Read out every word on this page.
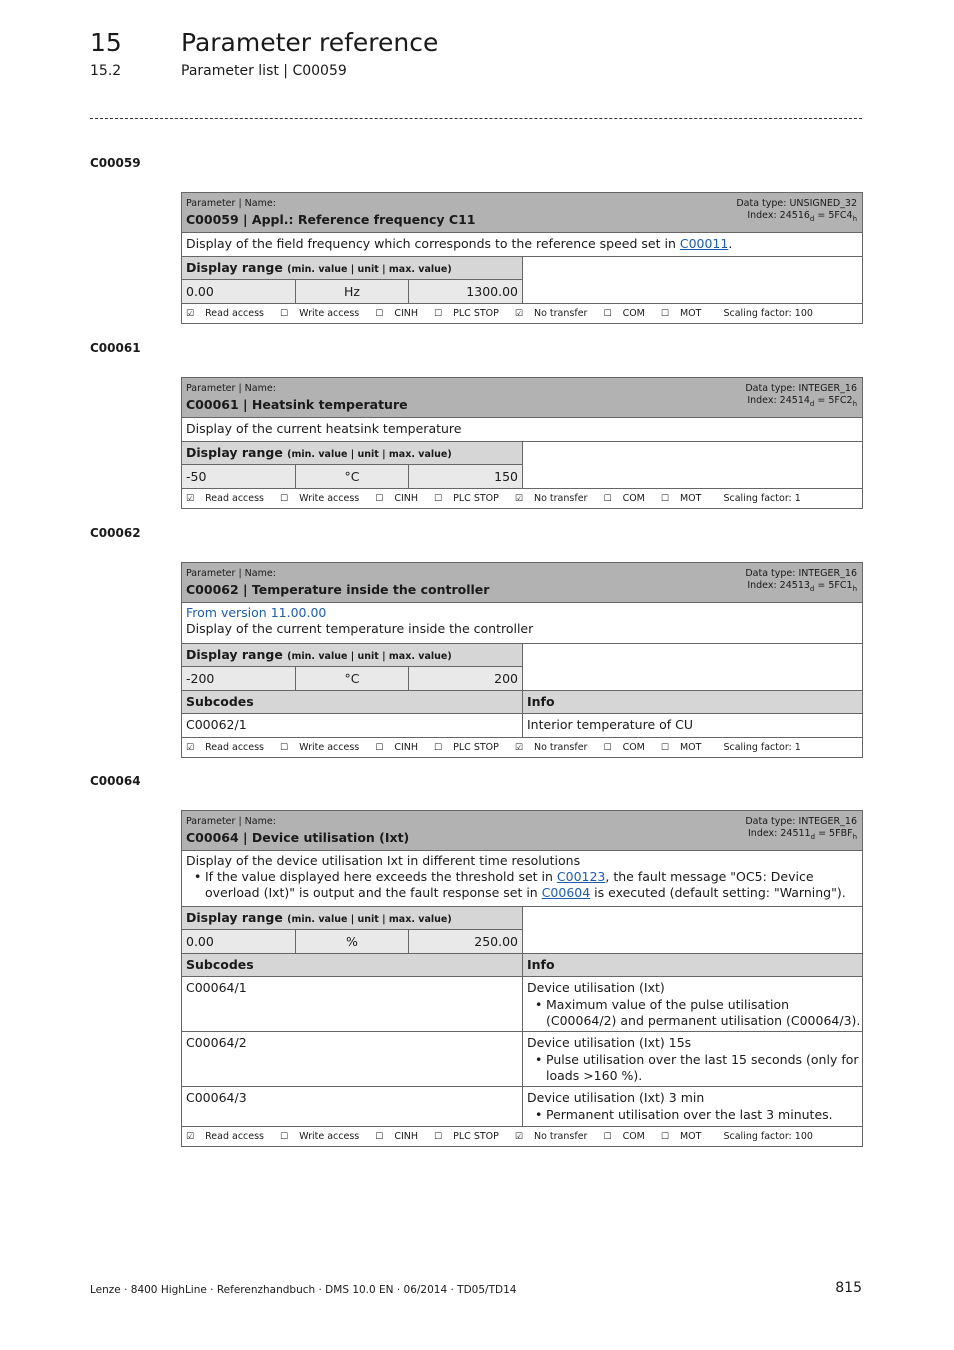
15 Parameter reference
15.2	Parameter list | C00059
C00059
Parameter | Name:
C00059 | Appl.: Reference frequency C11
Data type: UNSIGNED_32
Index: $24516_d = 5FC4_h$
Display of the field frequency which corresponds to the reference speed set in C00011.
Display range (min. value | unit | max. value)
0.00	Hz	1300.00
☑ Read access	☐ Write access	☐ CINH	☐ PLC STOP	☑ No transfer	☐ COM	☐ MOT	Scaling factor: 100
C00061
Parameter | Name:
C00061 | Heatsink temperature
Data type: INTEGER_16
Index: $24514_d = 5FC2_h$
Display of the current heatsink temperature
Display range (min. value | unit | max. value)
-50	°C	150
☑ Read access	☐ Write access	☐ CINH	☐ PLC STOP	☑ No transfer	☐ COM	☐ MOT	Scaling factor: 1
C00062
Parameter | Name:
C00062 | Temperature inside the controller
Data type: INTEGER_16
Index: $24513_d = 5FC1_h$
From version 11.00.00
Display of the current temperature inside the controller
Display range (min. value | unit | max. value)
-200	°C	200
Subcodes	Info
C00062/1	Interior temperature of CU
☑ Read access	☐ Write access	☐ CINH	☐ PLC STOP	☑ No transfer	☐ COM	☐ MOT	Scaling factor: 1
C00064
Parameter | Name:
C00064 | Device utilisation (Ixt)
Data type: INTEGER_16
Index: $24511_d = 5FBF_h$
Display of the device utilisation Ixt in different time resolutions
• If the value displayed here exceeds the threshold set in C00123, the fault message "OC5: Device overload (Ixt)" is output and the fault response set in C00604 is executed (default setting: "Warning").
Display range (min. value | unit | max. value)
0.00	%	250.00
Subcodes	Info
C00064/1	Device utilisation (Ixt)
• Maximum value of the pulse utilisation (C00064/2) and permanent utilisation (C00064/3).
C00064/2	Device utilisation (Ixt) 15s
• Pulse utilisation over the last 15 seconds (only for loads >160 %).
C00064/3	Device utilisation (Ixt) 3 min
• Permanent utilisation over the last 3 minutes.
☑ Read access	☐ Write access	☐ CINH	☐ PLC STOP	☑ No transfer	☐ COM	☐ MOT	Scaling factor: 100
Lenze · 8400 HighLine · Referenzhandbuch · DMS 10.0 EN · 06/2014 · TD05/TD14	815
